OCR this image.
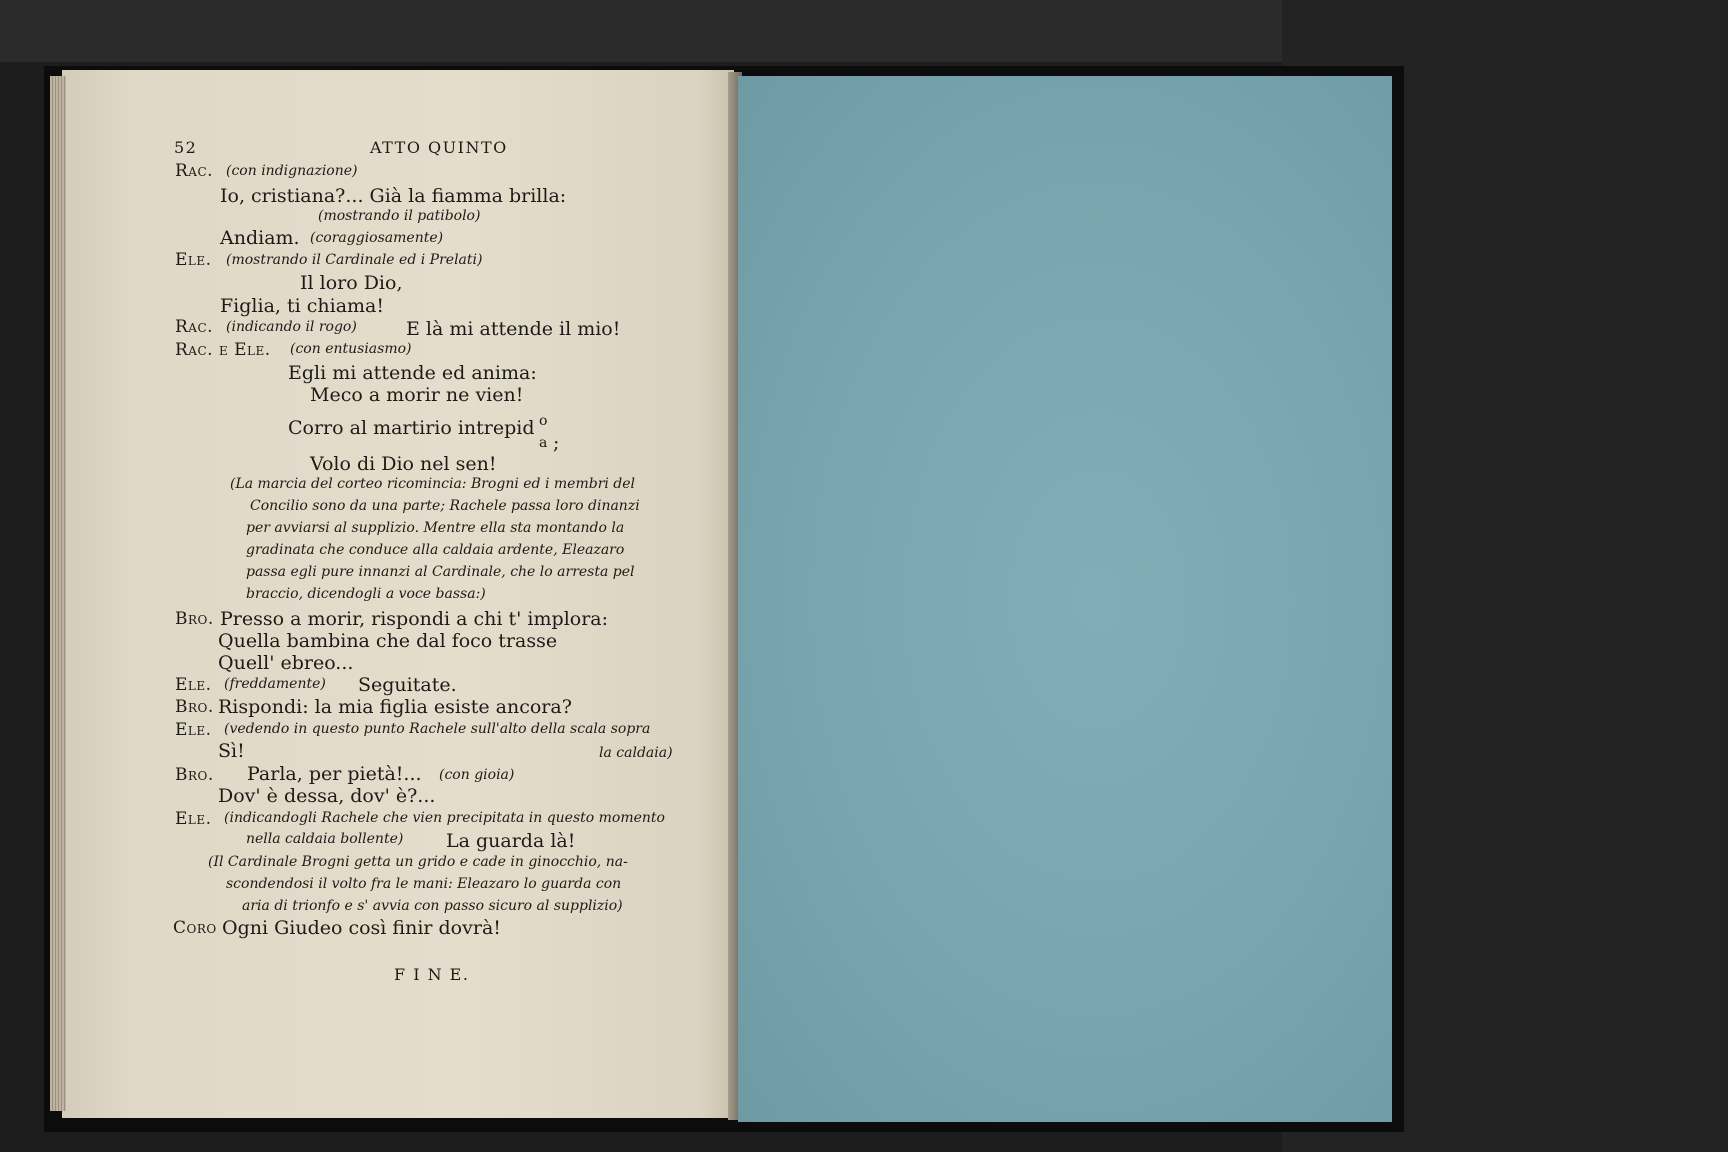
52	ATTO QUINTO
Rac. (con indignazione)
Io, cristiana?... Già la fiamma brilla:
(mostrando il patibolo)
Andiam. (coraggiosamente)
Ele. (mostrando il Cardinale ed i Prelati)
Il loro Dio,
Figlia, ti chiama!
Rac. (indicando il rogo)	E là mi attende il mio!
Rac. e Ele. (con entusiasmo)
Egli mi attende ed anima:
Meco a morir ne vien!
Corro al martirio intrepid o
a ;
Volo di Dio nel sen!
(La marcia del corteo ricomincia: Brogni ed i membri del
Concilio sono da una parte; Rachele passa loro dinanzi
per avviarsi al supplizio. Mentre ella sta montando la
gradinata che conduce alla caldaia ardente, Eleazaro
passa egli pure innanzi al Cardinale, che lo arresta pel
braccio, dicendogli a voce bassa:)
Bro. Presso a morir, rispondi a chi t' implora:
Quella bambina che dal foco trasse
Quell' ebreo...
Ele. (freddamente) Seguitate.
Bro. Rispondi: la mia figlia esiste ancora?
Ele. (vedendo in questo punto Rachele sull'alto della scala sopra
Sì!	la caldaia)
Bro. Parla, per pietà!... (con gioia)
Dov' è dessa, dov' è?...
Ele. (indicandogli Rachele che vien precipitata in questo momento
nella caldaia bollente) La guarda là!
(Il Cardinale Brogni getta un grido e cade in ginocchio, na-
scondendosi il volto fra le mani: Eleazaro lo guarda con
aria di trionfo e s' avvia con passo sicuro al supplizio)
Coro Ogni Giudeo così finir dovrà!
F I N E.
